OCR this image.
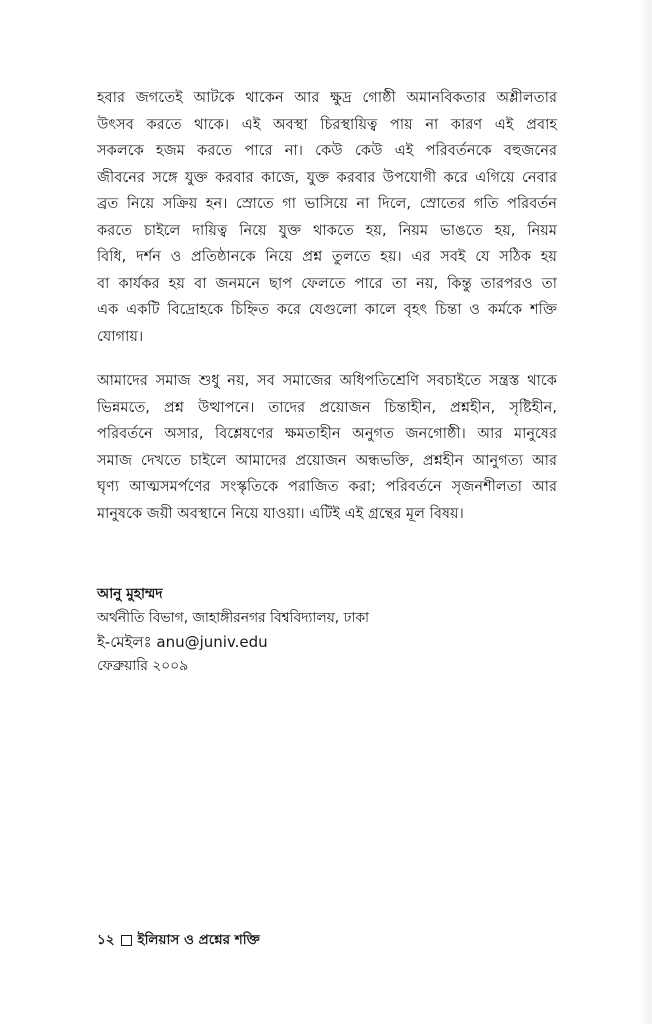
হবার জগতেই আটকে থাকেন আর ক্ষুদ্র গোষ্ঠী অমানবিকতার অশ্লীলতার
উৎসব করতে থাকে। এই অবস্থা চিরস্থায়িত্ব পায় না কারণ এই প্রবাহ
সকলকে হজম করতে পারে না। কেউ কেউ এই পরিবর্তনকে বহুজনের
জীবনের সঙ্গে যুক্ত করবার কাজে, যুক্ত করবার উপযোগী করে এগিয়ে নেবার
ব্রত নিয়ে সক্রিয় হন। স্রোতে গা ভাসিয়ে না দিলে, স্রোতের গতি পরিবর্তন
করতে চাইলে দায়িত্ব নিয়ে যুক্ত থাকতে হয়, নিয়ম ভাঙতে হয়, নিয়ম
বিধি, দর্শন ও প্রতিষ্ঠানকে নিয়ে প্রশ্ন তুলতে হয়। এর সবই যে সঠিক হয়
বা কার্যকর হয় বা জনমনে ছাপ ফেলতে পারে তা নয়, কিন্তু তারপরও তা
এক একটি বিদ্রোহকে চিহ্নিত করে যেগুলো কালে বৃহৎ চিন্তা ও কর্মকে শক্তি
যোগায়।
আমাদের সমাজ শুধু নয়, সব সমাজের অধিপতিশ্রেণি সবচাইতে সন্ত্রস্ত থাকে
ভিন্নমতে, প্রশ্ন উত্থাপনে। তাদের প্রয়োজন চিন্তাহীন, প্রশ্নহীন, সৃষ্টিহীন,
পরিবর্তনে অসার, বিশ্লেষণের ক্ষমতাহীন অনুগত জনগোষ্ঠী। আর মানুষের
সমাজ দেখতে চাইলে আমাদের প্রয়োজন অন্ধভক্তি, প্রশ্নহীন আনুগত্য আর
ঘৃণ্য আত্মসমর্পণের সংস্কৃতিকে পরাজিত করা; পরিবর্তনে সৃজনশীলতা আর
মানুষকে জয়ী অবস্থানে নিয়ে যাওয়া। এটিই এই গ্রন্থের মূল বিষয়।
আনু মুহাম্মদ
অর্থনীতি বিভাগ, জাহাঙ্গীরনগর বিশ্ববিদ্যালয়, ঢাকা
ই-মেইলঃ anu@juniv.edu
ফেব্রুয়ারি ২০০৯
১২ ইলিয়াস ও প্রশ্নের শক্তি
